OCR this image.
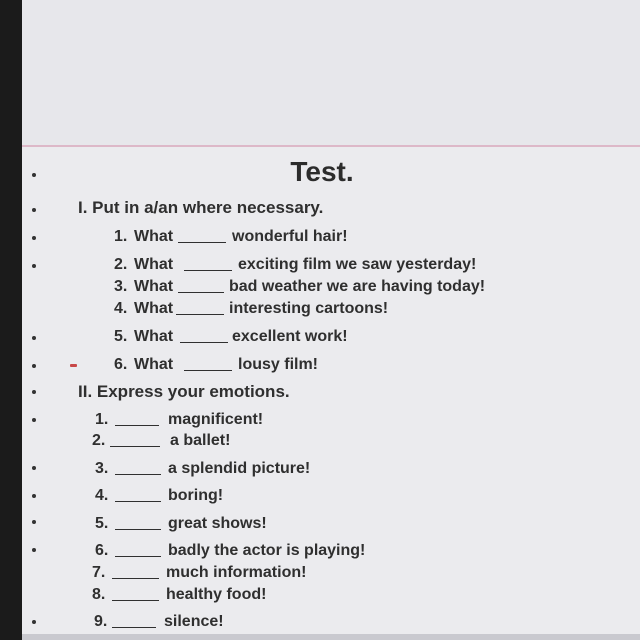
Test.
I. Put in a/an where necessary.
1. What	wonderful hair!
2. What	exciting film we saw yesterday!
3. What	bad weather we are having today!
4. What	interesting cartoons!
5. What	excellent work!
6. What	lousy film!
II. Express your emotions.
1.	magnificent!
2.	a ballet!
3.	a splendid picture!
4.	boring!
5.	great shows!
6.	badly the actor is playing!
7.	much information!
8.	healthy food!
9.	silence!
